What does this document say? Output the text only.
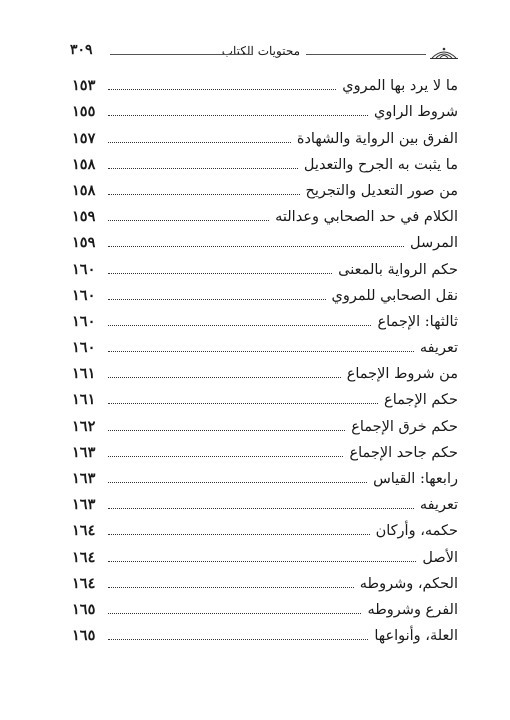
محتويات الكتاب
٣٠٩
ما لا يرد بها المروي
١٥٣
شروط الراوي
١٥٥
الفرق بين الرواية والشهادة
١٥٧
ما يثبت به الجرح والتعديل
١٥٨
من صور التعديل والتجريح
١٥٨
الكلام في حد الصحابي وعدالته
١٥٩
المرسل
١٥٩
حكم الرواية بالمعنى
١٦٠
نقل الصحابي للمروي
١٦٠
ثالثها: الإجماع
١٦٠
تعريفه
١٦٠
من شروط الإجماع
١٦١
حكم الإجماع
١٦١
حكم خرق الإجماع
١٦٢
حكم جاحد الإجماع
١٦٣
رابعها: القياس
١٦٣
تعريفه
١٦٣
حكمه، وأركان
١٦٤
الأصل
١٦٤
الحكم، وشروطه
١٦٤
الفرع وشروطه
١٦٥
العلة، وأنواعها
١٦٥
